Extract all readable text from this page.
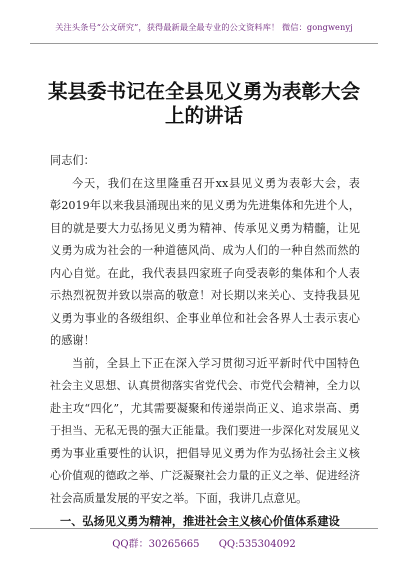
关注头条号“公文研究”，获得最新最全最专业的公文资料库！ 微信：gongwenyj
某县委书记在全县见义勇为表彰大会
上的讲话
同志们：
今天，我们在这里隆重召开xx县见义勇为表彰大会，表
彰2019年以来我县涌现出来的见义勇为先进集体和先进个人，
目的就是要大力弘扬见义勇为精神、传承见义勇为精髓，让见
义勇为成为社会的一种道德风尚、成为人们的一种自然而然的
内心自觉。在此，我代表县四家班子向受表彰的集体和个人表
示热烈祝贺并致以崇高的敬意！对长期以来关心、支持我县见
义勇为事业的各级组织、企事业单位和社会各界人士表示衷心
的感谢！
当前，全县上下正在深入学习贯彻习近平新时代中国特色
社会主义思想、认真贯彻落实省党代会、市党代会精神，全力以
赴主攻“四化”，尤其需要凝聚和传递崇尚正义、追求崇高、勇
于担当、无私无畏的强大正能量。我们要进一步深化对发展见义
勇为事业重要性的认识，把倡导见义勇为作为弘扬社会主义核
心价值观的德政之举、广泛凝聚社会力量的正义之举、促进经济
社会高质量发展的平安之举。下面，我讲几点意见。
一、弘扬见义勇为精神，推进社会主义核心价值体系建设
QQ群：30265665 QQ:535304092
